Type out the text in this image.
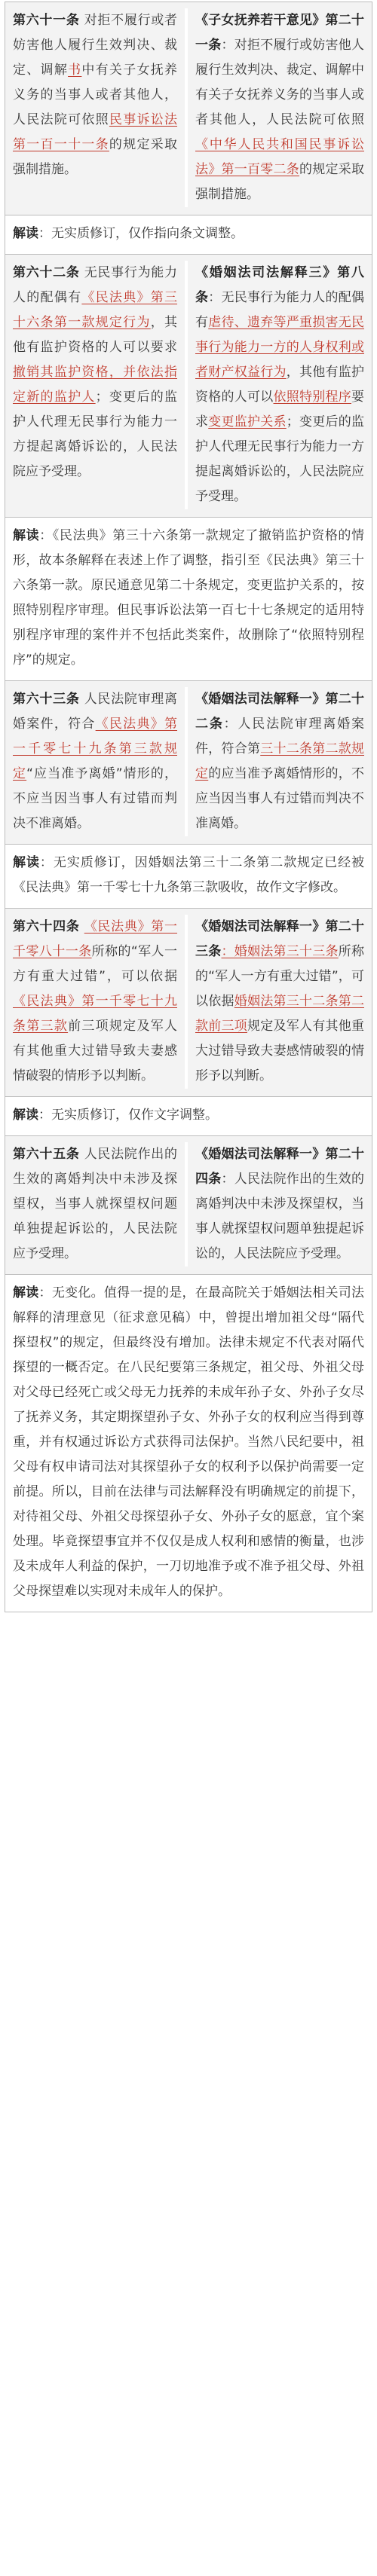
第六十一条 对拒不履行或者妨害他人履行生效判决、裁定、调解书中有关子女抚养义务的当事人或者其他人，人民法院可依照民事诉讼法第一百一十一条的规定采取强制措施。	《子女抚养若干意见》第二十一条：对拒不履行或妨害他人履行生效判决、裁定、调解中有关子女抚养义务的当事人或者其他人，人民法院可依照《中华人民共和国民事诉讼法》第一百零二条的规定采取强制措施。

解读：无实质修订，仅作指向条文调整。	

第六十二条 无民事行为能力人的配偶有《民法典》第三十六条第一款规定行为，其他有监护资格的人可以要求撤销其监护资格，并依法指定新的监护人；变更后的监护人代理无民事行为能力一方提起离婚诉讼的，人民法院应予受理。	《婚姻法司法解释三》第八条：无民事行为能力人的配偶有虐待、遗弃等严重损害无民事行为能力一方的人身权利或者财产权益行为，其他有监护资格的人可以依照特别程序要求变更监护关系；变更后的监护人代理无民事行为能力一方提起离婚诉讼的，人民法院应予受理。

解读：《民法典》第三十六条第一款规定了撤销监护资格的情形，故本条解释在表述上作了调整，指引至《民法典》第三十六条第一款。原民通意见第二十条规定，变更监护关系的，按照特别程序审理。但民事诉讼法第一百七十七条规定的适用特别程序审理的案件并不包括此类案件，故删除了“依照特别程序”的规定。	

第六十三条 人民法院审理离婚案件，符合《民法典》第一千零七十九条第三款规定“应当准予离婚”情形的，不应当因当事人有过错而判决不准离婚。	《婚姻法司法解释一》第二十二条：人民法院审理离婚案件，符合第三十二条第二款规定的应当准予离婚情形的，不应当因当事人有过错而判决不准离婚。

解读：无实质修订，因婚姻法第三十二条第二款规定已经被《民法典》第一千零七十九条第三款吸收，故作文字修改。	

第六十四条 《民法典》第一千零八十一条所称的“军人一方有重大过错”，可以依据《民法典》第一千零七十九条第三款前三项规定及军人有其他重大过错导致夫妻感情破裂的情形予以判断。	《婚姻法司法解释一》第二十三条：婚姻法第三十三条所称的“军人一方有重大过错”，可以依据婚姻法第三十二条第二款前三项规定及军人有其他重大过错导致夫妻感情破裂的情形予以判断。

解读：无实质修订，仅作文字调整。	

第六十五条 人民法院作出的生效的离婚判决中未涉及探望权，当事人就探望权问题单独提起诉讼的，人民法院应予受理。	《婚姻法司法解释一》第二十四条：人民法院作出的生效的离婚判决中未涉及探望权，当事人就探望权问题单独提起诉讼的，人民法院应予受理。

解读：无变化。值得一提的是，在最高院关于婚姻法相关司法解释的清理意见（征求意见稿）中，曾提出增加祖父母“隔代探望权”的规定，但最终没有增加。法律未规定不代表对隔代探望的一概否定。在八民纪要第三条规定，祖父母、外祖父母对父母已经死亡或父母无力抚养的未成年孙子女、外孙子女尽了抚养义务，其定期探望孙子女、外孙子女的权利应当得到尊重，并有权通过诉讼方式获得司法保护。当然八民纪要中，祖父母有权申请司法对其探望孙子女的权利予以保护尚需要一定前提。所以，目前在法律与司法解释没有明确规定的前提下，对待祖父母、外祖父母探望孙子女、外孙子女的愿意，宜个案处理。毕竟探望事宜并不仅仅是成人权利和感情的衡量，也涉及未成年人利益的保护，一刀切地准予或不准予祖父母、外祖父母探望难以实现对未成年人的保护。	
